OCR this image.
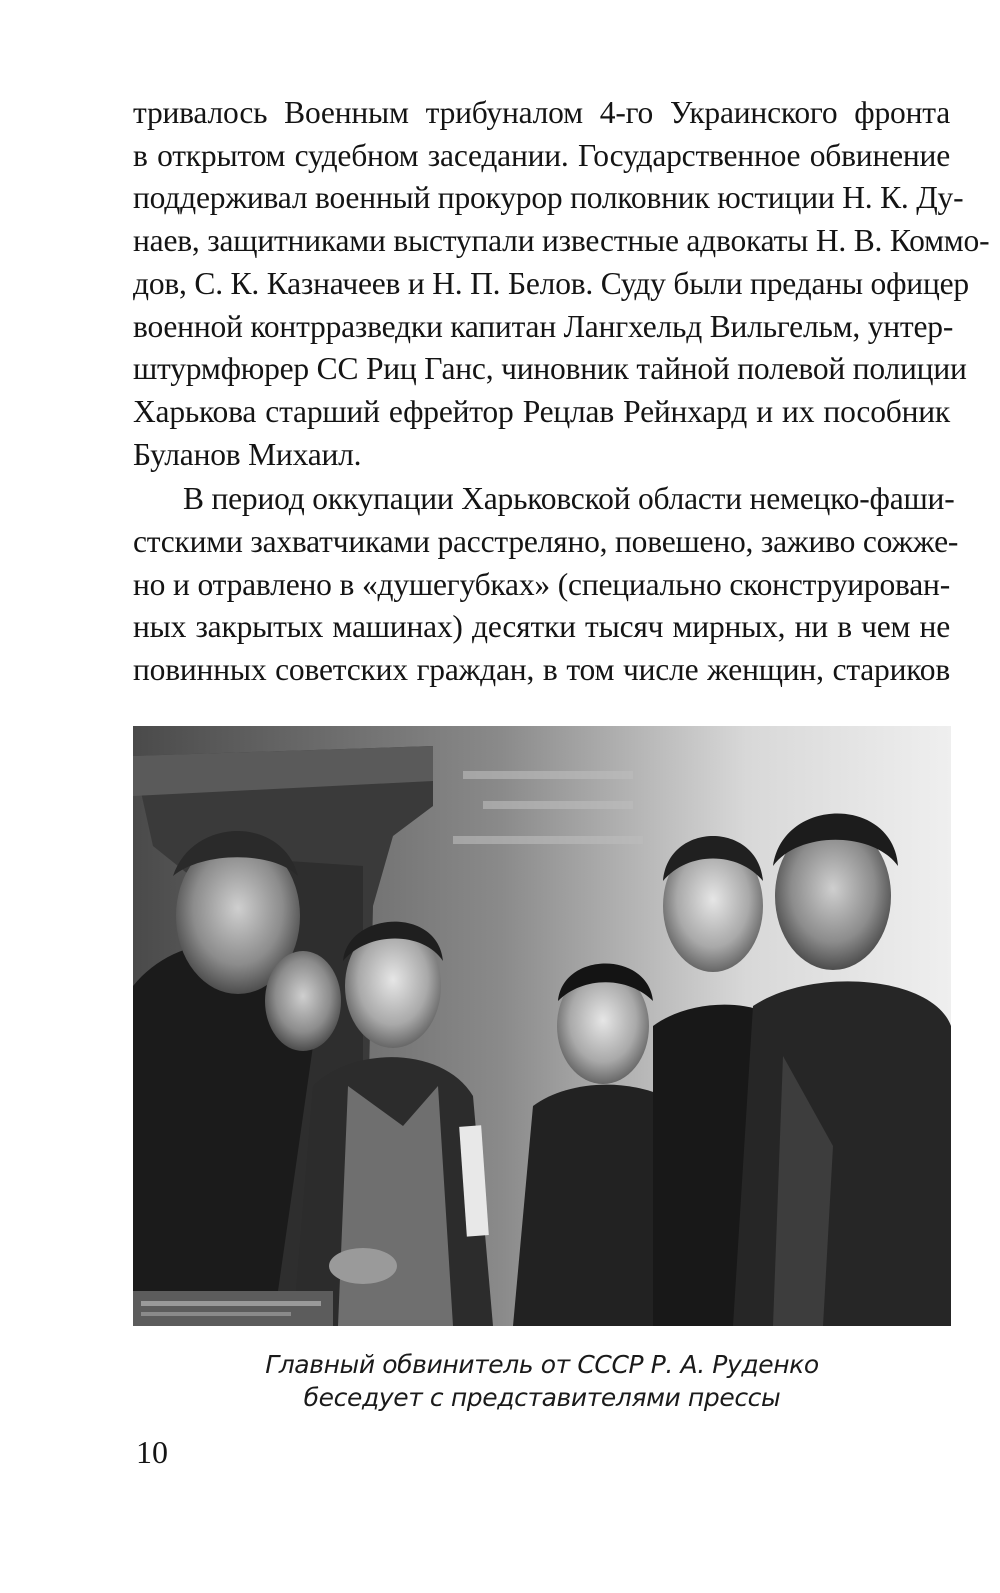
тривалось Военным трибуналом 4-го Украинского фронта
в открытом судебном заседании. Государственное обвинение
поддерживал военный прокурор полковник юстиции Н. К. Ду-
наев, защитниками выступали известные адвокаты Н. В. Коммо-
дов, С. К. Казначеев и Н. П. Белов. Суду были преданы офицер
военной контрразведки капитан Лангхельд Вильгельм, унтер-
штурмфюрер СС Риц Ганс, чиновник тайной полевой полиции
Харькова старший ефрейтор Рецлав Рейнхард и их пособник
Буланов Михаил.

В период оккупации Харьковской области немецко-фаши-
стскими захватчиками расстреляно, повешено, заживо сожже-
но и отравлено в «душегубках» (специально сконструирован-
ных закрытых машинах) десятки тысяч мирных, ни в чем не
повинных советских граждан, в том числе женщин, стариков

Главный обвинитель от СССР Р. А. Руденко
беседует с представителями прессы
10
